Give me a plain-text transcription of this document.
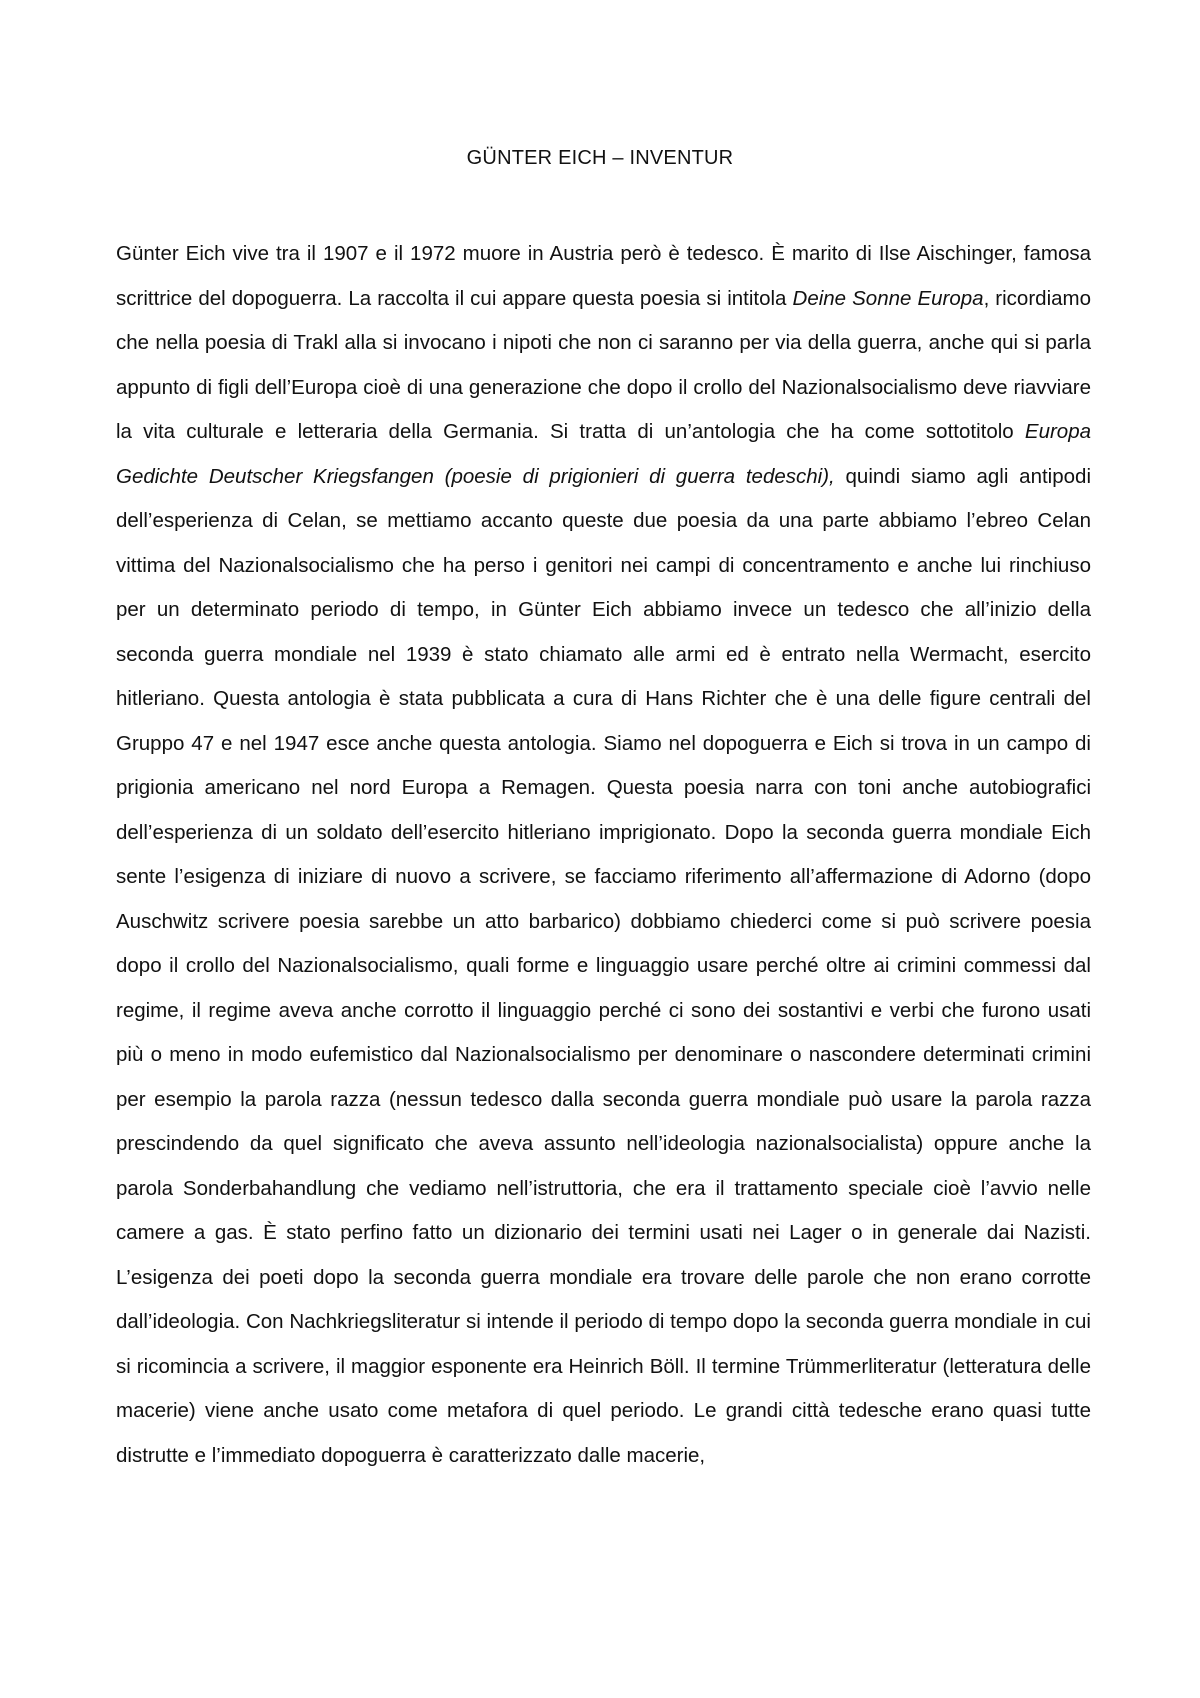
GÜNTER EICH – INVENTUR

Günter Eich vive tra il 1907 e il 1972 muore in Austria però è tedesco. È marito di Ilse Aischinger, famosa scrittrice del dopoguerra. La raccolta il cui appare questa poesia si intitola Deine Sonne Europa, ricordiamo che nella poesia di Trakl alla si invocano i nipoti che non ci saranno per via della guerra, anche qui si parla appunto di figli dell’Europa cioè di una generazione che dopo il crollo del Nazionalsocialismo deve riavviare la vita culturale e letteraria della Germania. Si tratta di un’antologia che ha come sottotitolo Europa Gedichte Deutscher Kriegsfangen (poesie di prigionieri di guerra tedeschi), quindi siamo agli antipodi dell’esperienza di Celan, se mettiamo accanto queste due poesia da una parte abbiamo l’ebreo Celan vittima del Nazionalsocialismo che ha perso i genitori nei campi di concentramento e anche lui rinchiuso per un determinato periodo di tempo, in Günter Eich abbiamo invece un tedesco che all’inizio della seconda guerra mondiale nel 1939 è stato chiamato alle armi ed è entrato nella Wermacht, esercito hitleriano. Questa antologia è stata pubblicata a cura di Hans Richter che è una delle figure centrali del Gruppo 47 e nel 1947 esce anche questa antologia. Siamo nel dopoguerra e Eich si trova in un campo di prigionia americano nel nord Europa a Remagen. Questa poesia narra con toni anche autobiografici dell’esperienza di un soldato dell’esercito hitleriano imprigionato. Dopo la seconda guerra mondiale Eich sente l’esigenza di iniziare di nuovo a scrivere, se facciamo riferimento all’affermazione di Adorno (dopo Auschwitz scrivere poesia sarebbe un atto barbarico) dobbiamo chiederci come si può scrivere poesia dopo il crollo del Nazionalsocialismo, quali forme e linguaggio usare perché oltre ai crimini commessi dal regime, il regime aveva anche corrotto il linguaggio perché ci sono dei sostantivi e verbi che furono usati più o meno in modo eufemistico dal Nazionalsocialismo per denominare o nascondere determinati crimini per esempio la parola razza (nessun tedesco dalla seconda guerra mondiale può usare la parola razza prescindendo da quel significato che aveva assunto nell’ideologia nazionalsocialista) oppure anche la parola Sonderbahandlung che vediamo nell’istruttoria, che era il trattamento speciale cioè l’avvio nelle camere a gas. È stato perfino fatto un dizionario dei termini usati nei Lager o in generale dai Nazisti. L’esigenza dei poeti dopo la seconda guerra mondiale era trovare delle parole che non erano corrotte dall’ideologia. Con Nachkriegsliteratur si intende il periodo di tempo dopo la seconda guerra mondiale in cui si ricomincia a scrivere, il maggior esponente era Heinrich Böll. Il termine Trümmerliteratur (letteratura delle macerie) viene anche usato come metafora di quel periodo. Le grandi città tedesche erano quasi tutte distrutte e l’immediato dopoguerra è caratterizzato dalle macerie,
